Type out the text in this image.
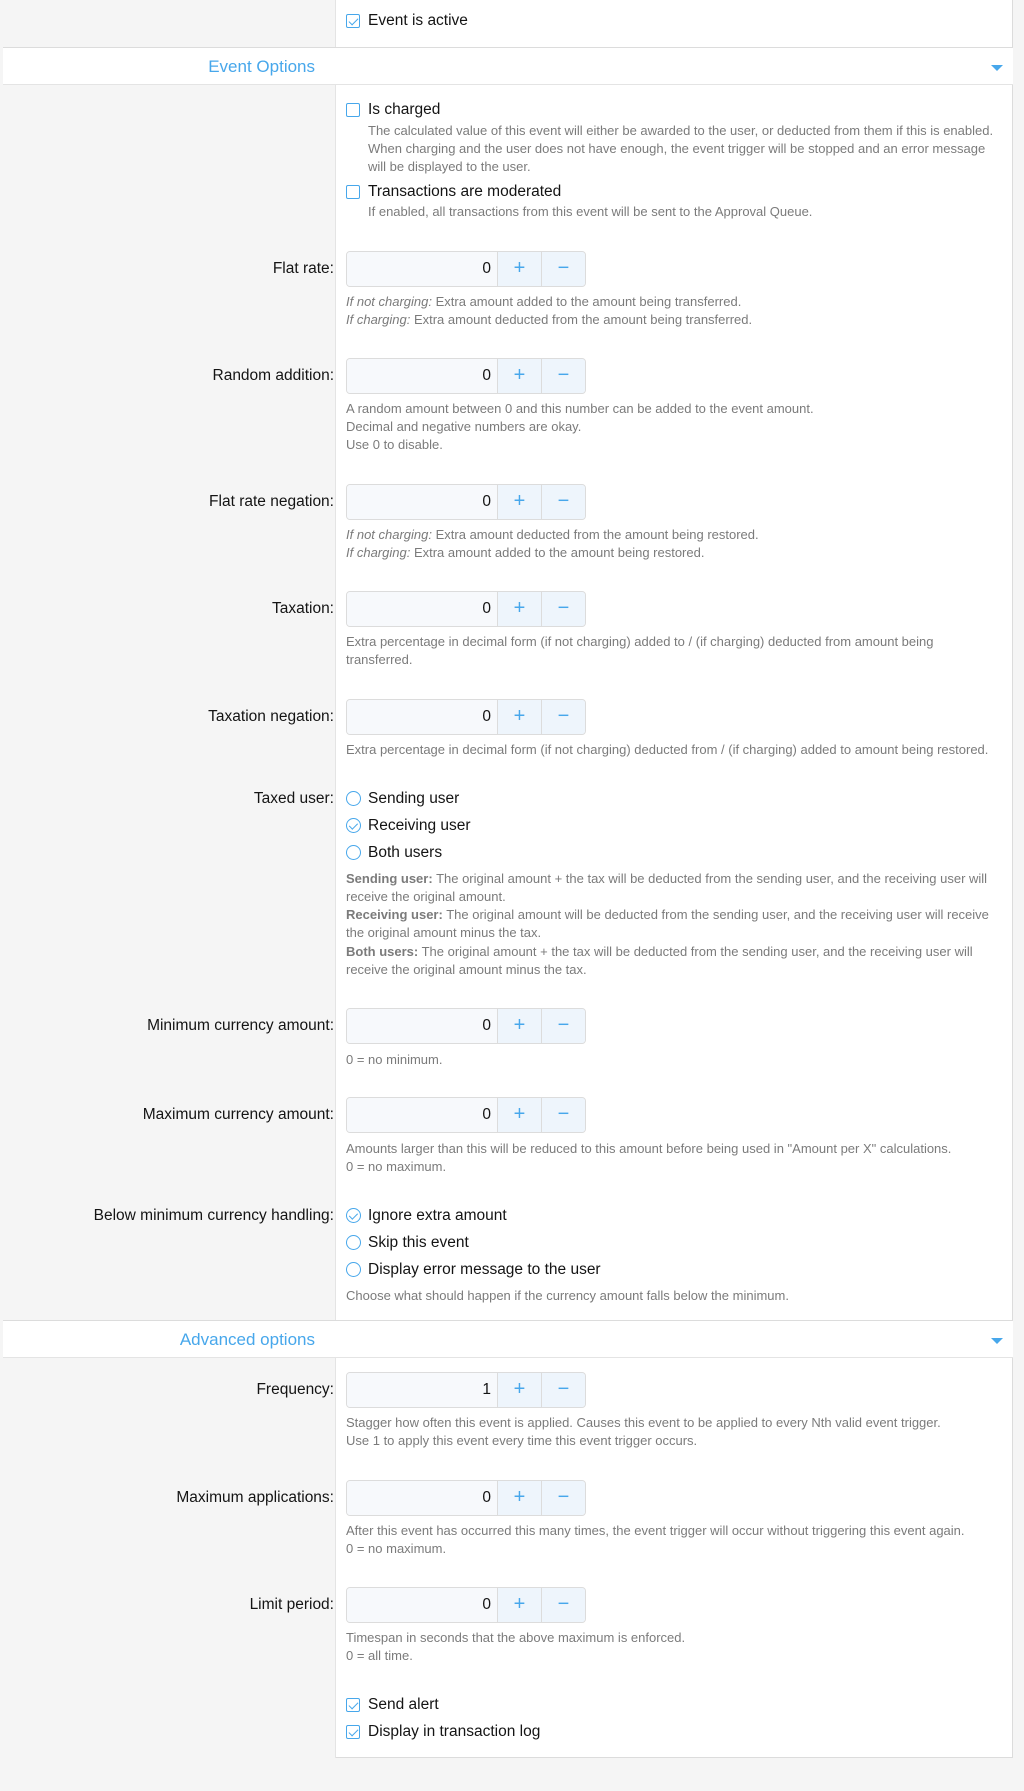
Event is active
Event Options
Is charged
The calculated value of this event will either be awarded to the user, or deducted from them if this is enabled. When charging and the user does not have enough, the event trigger will be stopped and an error message will be displayed to the user.
Transactions are moderated
If enabled, all transactions from this event will be sent to the Approval Queue.
Flat rate:
0	+	−
If not charging: Extra amount added to the amount being transferred.
If charging: Extra amount deducted from the amount being transferred.
Random addition:
0	+	−
A random amount between 0 and this number can be added to the event amount.
Decimal and negative numbers are okay.
Use 0 to disable.
Flat rate negation:
0	+	−
If not charging: Extra amount deducted from the amount being restored.
If charging: Extra amount added to the amount being restored.
Taxation:
0	+	−
Extra percentage in decimal form (if not charging) added to / (if charging) deducted from amount being transferred.
Taxation negation:
0	+	−
Extra percentage in decimal form (if not charging) deducted from / (if charging) added to amount being restored.
Taxed user: Sending user
Receiving user
Both users
Sending user: The original amount + the tax will be deducted from the sending user, and the receiving user will receive the original amount.
Receiving user: The original amount will be deducted from the sending user, and the receiving user will receive the original amount minus the tax.
Both users: The original amount + the tax will be deducted from the sending user, and the receiving user will receive the original amount minus the tax.
Minimum currency amount:
0	+	−
0 = no minimum.
Maximum currency amount:
0	+	−
Amounts larger than this will be reduced to this amount before being used in "Amount per X" calculations.
0 = no maximum.
Below minimum currency handling: Ignore extra amount
Skip this event
Display error message to the user
Choose what should happen if the currency amount falls below the minimum.
Advanced options
Frequency:
1	+	−
Stagger how often this event is applied. Causes this event to be applied to every Nth valid event trigger.
Use 1 to apply this event every time this event trigger occurs.
Maximum applications:
0	+	−
After this event has occurred this many times, the event trigger will occur without triggering this event again.
0 = no maximum.
Limit period:
0	+	−
Timespan in seconds that the above maximum is enforced.
0 = all time.
Send alert
Display in transaction log
